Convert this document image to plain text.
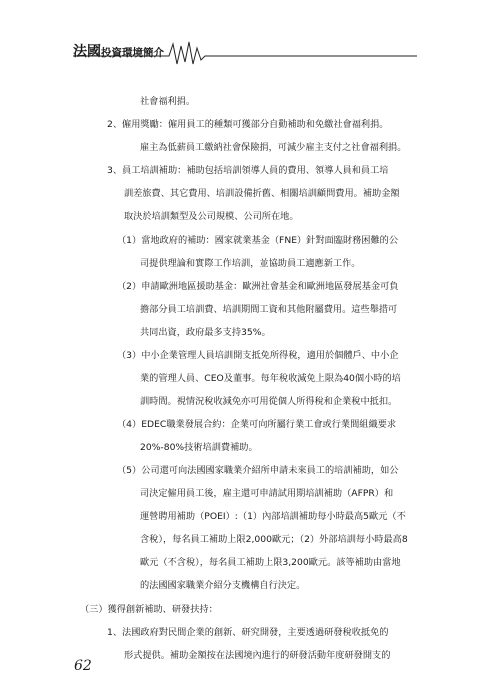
法國投資環境簡介
社會福利捐。
2、僱用獎勵：僱用員工的種類可獲部分自動補助和免繳社會福利捐。
雇主為低薪員工繳納社會保險捐，可減少雇主支付之社會福利捐。
3、員工培訓補助：補助包括培訓領導人員的費用、領導人員和員工培
訓差旅費、其它費用、培訓設備折舊、相關培訓顧問費用。補助金額
取決於培訓類型及公司規模、公司所在地。
（1）當地政府的補助：國家就業基金（FNE）針對面臨財務困難的公
司提供理論和實際工作培訓，並協助員工適應新工作。
（2）申請歐洲地區援助基金：歐洲社會基金和歐洲地區發展基金可負
擔部分員工培訓費、培訓期間工資和其他附屬費用。這些舉措可
共同出資，政府最多支持35%。
（3）中小企業管理人員培訓開支抵免所得稅，適用於個體戶、中小企
業的管理人員、CEO及董事。每年稅收減免上限為40個小時的培
訓時間。視情況稅收減免亦可用從個人所得稅和企業稅中抵扣。
（4）EDEC職業發展合約：企業可向所屬行業工會或行業間組織要求
20%-80%技術培訓費補助。
（5）公司還可向法國國家職業介紹所申請未來員工的培訓補助，如公
司決定僱用員工後，雇主還可申請試用期培訓補助（AFPR）和
運營聘用補助（POEI）:（1）內部培訓補助每小時最高5歐元（不
含稅），每名員工補助上限2,000歐元；（2）外部培訓每小時最高8
歐元（不含稅），每名員工補助上限3,200歐元。該等補助由當地
的法國國家職業介紹分支機構自行決定。
（三）獲得創新補助、研發扶持：
1、法國政府對民間企業的創新、研究開發，主要透過研發稅收抵免的
形式提供。補助金額按在法國境內進行的研發活動年度研發開支的
62
